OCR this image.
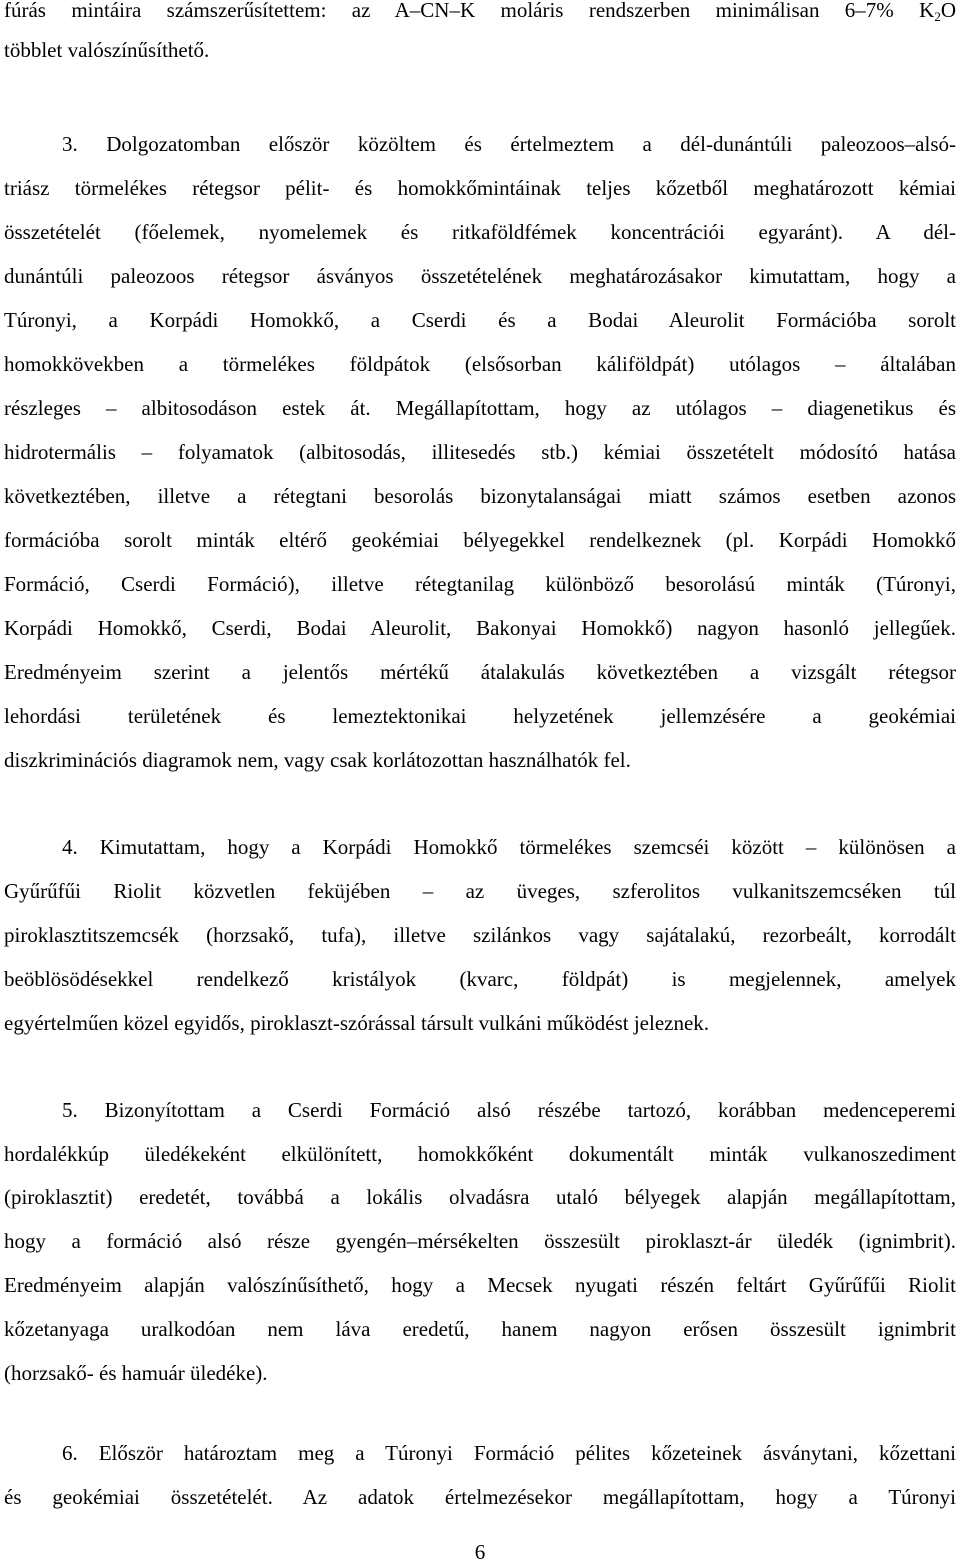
fúrás mintáira számszerűsítettem: az A–CN–K moláris rendszerben minimálisan 6–7% $K_2O$
többlet valószínűsíthető.
3. Dolgozatomban először közöltem és értelmeztem a dél-dunántúli paleozoos–alsó-
triász törmelékes rétegsor pélit- és homokkőmintáinak teljes kőzetből meghatározott kémiai
összetételét (főelemek, nyomelemek és ritkaföldfémek koncentrációi egyaránt). A dél-
dunántúli paleozoos rétegsor ásványos összetételének meghatározásakor kimutattam, hogy a
Túronyi, a Korpádi Homokkő, a Cserdi és a Bodai Aleurolit Formációba sorolt
homokkövekben a törmelékes földpátok (elsősorban káliföldpát) utólagos – általában
részleges – albitosodáson estek át. Megállapítottam, hogy az utólagos – diagenetikus és
hidrotermális – folyamatok (albitosodás, illitesedés stb.) kémiai összetételt módosító hatása
következtében, illetve a rétegtani besorolás bizonytalanságai miatt számos esetben azonos
formációba sorolt minták eltérő geokémiai bélyegekkel rendelkeznek (pl. Korpádi Homokkő
Formáció, Cserdi Formáció), illetve rétegtanilag különböző besorolású minták (Túronyi,
Korpádi Homokkő, Cserdi, Bodai Aleurolit, Bakonyai Homokkő) nagyon hasonló jellegűek.
Eredményeim szerint a jelentős mértékű átalakulás következtében a vizsgált rétegsor
lehordási területének és lemeztektonikai helyzetének jellemzésére a geokémiai
diszkriminációs diagramok nem, vagy csak korlátozottan használhatók fel.
4. Kimutattam, hogy a Korpádi Homokkő törmelékes szemcséi között – különösen a
Gyűrűfűi Riolit közvetlen feküjében – az üveges, szferolitos vulkanitszemcséken túl
piroklasztitszemcsék (horzsakő, tufa), illetve szilánkos vagy sajátalakú, rezorbeált, korrodált
beöblösödésekkel rendelkező kristályok (kvarc, földpát) is megjelennek, amelyek
egyértelműen közel egyidős, piroklaszt-szórással társult vulkáni működést jeleznek.
5. Bizonyítottam a Cserdi Formáció alsó részébe tartozó, korábban medenceperemi
hordalékkúp üledékeként elkülönített, homokkőként dokumentált minták vulkanoszediment
(piroklasztit) eredetét, továbbá a lokális olvadásra utaló bélyegek alapján megállapítottam,
hogy a formáció alsó része gyengén–mérsékelten összesült piroklaszt-ár üledék (ignimbrit).
Eredményeim alapján valószínűsíthető, hogy a Mecsek nyugati részén feltárt Gyűrűfűi Riolit
kőzetanyaga uralkodóan nem láva eredetű, hanem nagyon erősen összesült ignimbrit
(horzsakő- és hamuár üledéke).
6. Először határoztam meg a Túronyi Formáció pélites kőzeteinek ásványtani, kőzettani
és geokémiai összetételét. Az adatok értelmezésekor megállapítottam, hogy a Túronyi
6
